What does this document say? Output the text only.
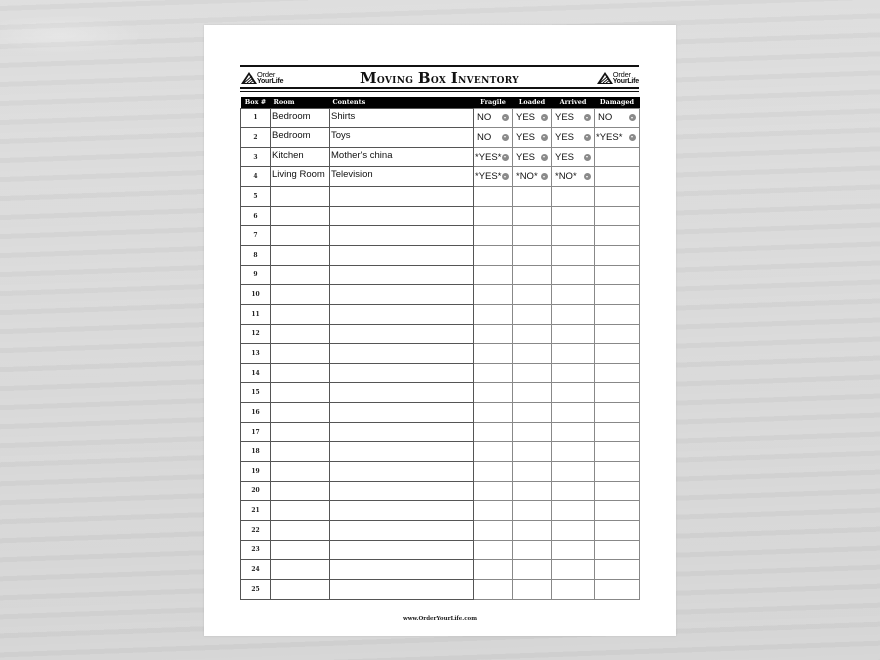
Order
YourLife	Moving Box Inventory	Order
YourLife
Box #	Room	Contents	Fragile	Loaded	Arrived	Damaged
1	Bedroom	Shirts	NO	YES	YES	NO

2	Bedroom	Toys	NO	YES	YES	*YES*

3	Kitchen	Mother's china	*YES*	YES	YES	

4	Living Room	Television	*YES*	*NO*	*NO*	

5						
6						
7						
8						
9						
10						
11						
12						
13						
14						
15						
16						
17						
18						
19						
20						
21						
22						
23						
24						
25						
www.OrderYourLife.com
